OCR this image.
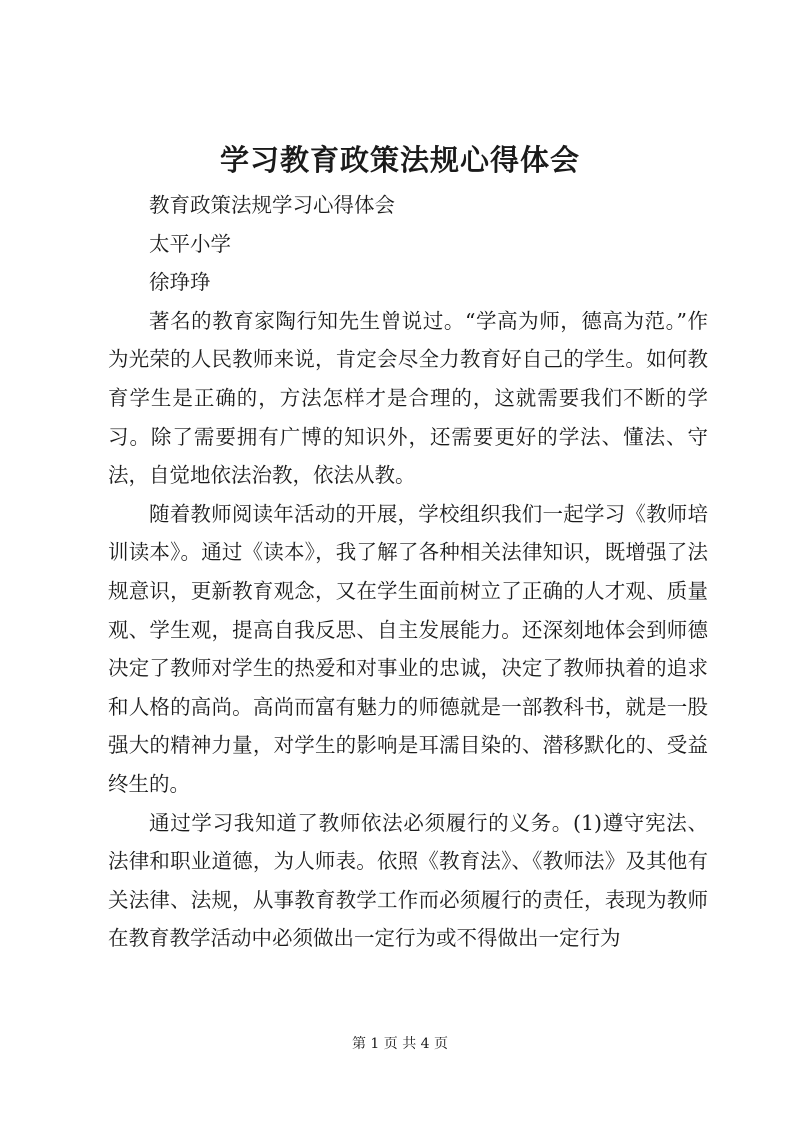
学习教育政策法规心得体会

教育政策法规学习心得体会

太平小学

徐琤琤

著名的教育家陶行知先生曾说过。“学高为师，德高为范。”作为光荣的人民教师来说，肯定会尽全力教育好自己的学生。如何教育学生是正确的，方法怎样才是合理的，这就需要我们不断的学习。除了需要拥有广博的知识外，还需要更好的学法、懂法、守法，自觉地依法治教，依法从教。

随着教师阅读年活动的开展，学校组织我们一起学习《教师培训读本》。通过《读本》，我了解了各种相关法律知识，既增强了法规意识，更新教育观念，又在学生面前树立了正确的人才观、质量观、学生观，提高自我反思、自主发展能力。还深刻地体会到师德决定了教师对学生的热爱和对事业的忠诚，决定了教师执着的追求和人格的高尚。高尚而富有魅力的师德就是一部教科书，就是一股强大的精神力量，对学生的影响是耳濡目染的、潜移默化的、受益终生的。

通过学习我知道了教师依法必须履行的义务。(1)遵守宪法、法律和职业道德，为人师表。依照《教育法》、《教师法》及其他有关法律、法规，从事教育教学工作而必须履行的责任，表现为教师在教育教学活动中必须做出一定行为或不得做出一定行为

第 1 页 共 4 页
